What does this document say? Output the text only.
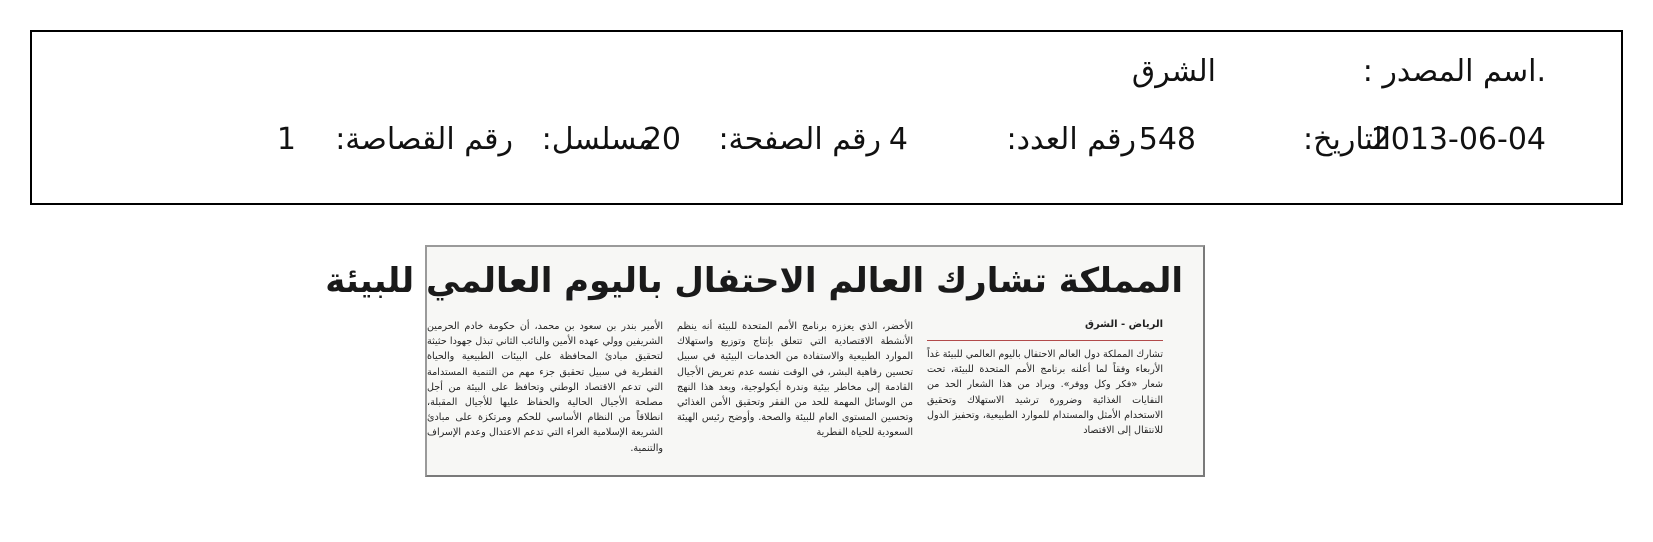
.اسم المصدر :
الشرق
التاريخ:
2013-06-04
رقم العدد: 548
رقم الصفحة: 4
مسلسل:
20
رقم القصاصة:
1
المملكة تشارك العالم الاحتفال باليوم العالمي للبيئة
الرياض - الشرق

تشارك المملكة دول العالم الاحتفال باليوم العالمي للبيئة غداً الأربعاء وفقاً لما أعلنه برنامج الأمم المتحدة للبيئة، تحت شعار «فكر وكل ووفر». ويراد من هذا الشعار الحد من النفايات الغذائية وضرورة ترشيد الاستهلاك وتحقيق الاستخدام الأمثل والمستدام للموارد الطبيعية، وتحفيز الدول للانتقال إلى الاقتصاد

الأخضر، الذي يعززه برنامج الأمم المتحدة للبيئة أنه ينظم الأنشطة الاقتصادية التي تتعلق بإنتاج وتوزيع واستهلاك الموارد الطبيعية والاستفادة من الخدمات البيئية في سبيل تحسين رفاهية البشر، في الوقت نفسه عدم تعريض الأجيال القادمة إلى مخاطر بيئية وندرة أيكولوجية، ويعد هذا النهج من الوسائل المهمة للحد من الفقر وتحقيق الأمن الغذائي وتحسين المستوى العام للبيئة والصحة. وأوضح رئيس الهيئة السعودية للحياة الفطرية

الأمير بندر بن سعود بن محمد، أن حكومة خادم الحرمين الشريفين وولي عهده الأمين والنائب الثاني تبذل جهودا حثيثة لتحقيق مبادئ المحافظة على البيئات الطبيعية والحياة الفطرية في سبيل تحقيق جزء مهم من التنمية المستدامة التي تدعم الاقتصاد الوطني وتحافظ على البيئة من أجل مصلحة الأجيال الحالية والحفاظ عليها للأجيال المقبلة، انطلاقاً من النظام الأساسي للحكم ومرتكزة على مبادئ الشريعة الإسلامية الغراء التي تدعم الاعتدال وعدم الإسراف والتنمية.
